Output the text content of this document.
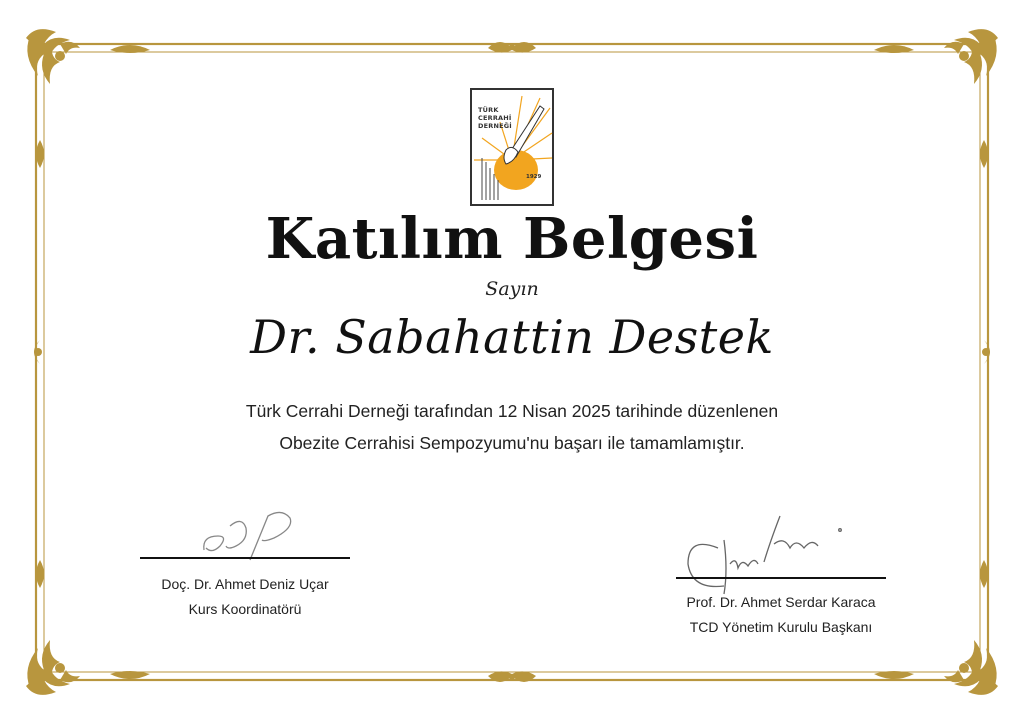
TÜRK
CERRAHİ
DERNEĞİ
1929
Katılım Belgesi
Sayın
Dr. Sabahattin Destek
Türk Cerrahi Derneği tarafından 12 Nisan 2025 tarihinde düzenlenen
Obezite Cerrahisi Sempozyumu'nu başarı ile tamamlamıştır.
Doç. Dr. Ahmet Deniz Uçar
Kurs Koordinatörü	Prof. Dr. Ahmet Serdar Karaca
TCD Yönetim Kurulu Başkanı
